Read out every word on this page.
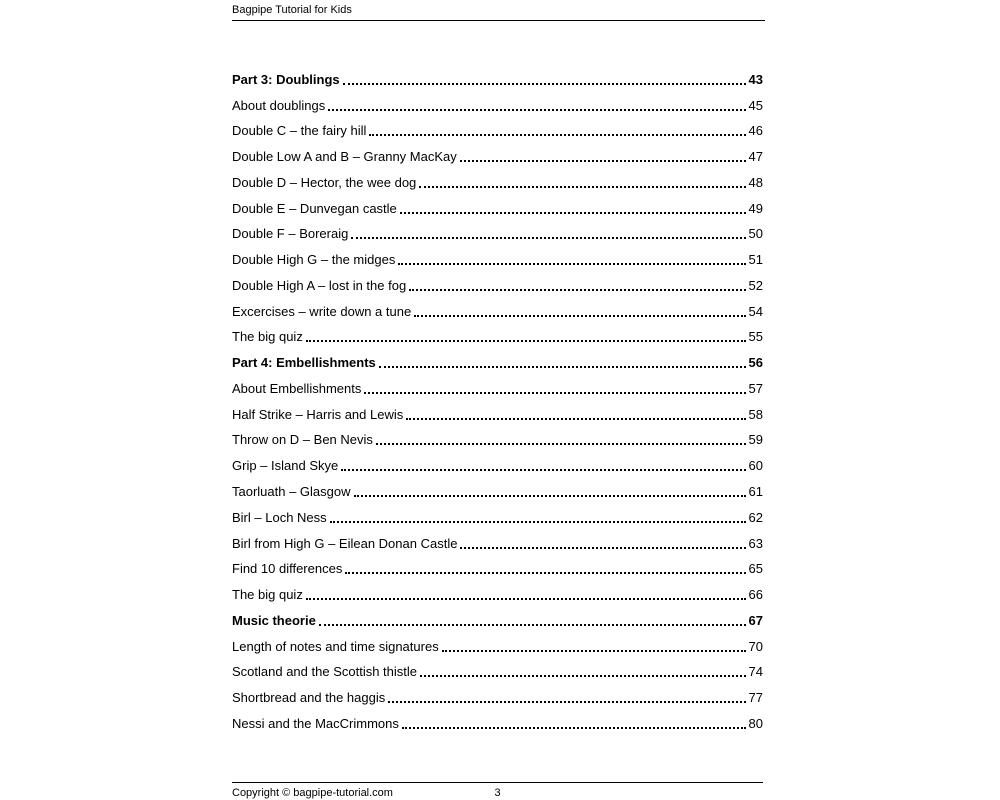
Bagpipe Tutorial for Kids
Part 3: Doublings	43
About doublings	45
Double C – the fairy hill	46
Double Low A and B – Granny MacKay	47
Double D – Hector, the wee dog	48
Double E – Dunvegan castle	49
Double F – Boreraig	50
Double High G – the midges	51
Double High A – lost in the fog	52
Excercises – write down a tune	54
The big quiz	55
Part 4: Embellishments	56
About Embellishments	57
Half Strike – Harris and Lewis	58
Throw on D – Ben Nevis	59
Grip – Island Skye	60
Taorluath – Glasgow	61
Birl – Loch Ness	62
Birl from High G – Eilean Donan Castle	63
Find 10 differences	65
The big quiz	66
Music theorie	67
Length of notes and time signatures	70
Scotland and the Scottish thistle	74
Shortbread and the haggis	77
Nessi and the MacCrimmons	80
Copyright © bagpipe-tutorial.com	3
